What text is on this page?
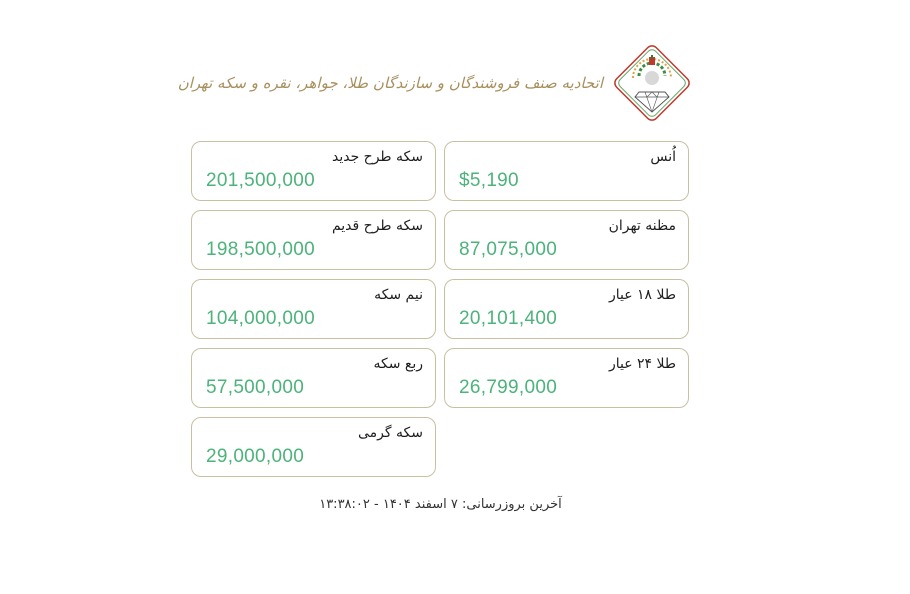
اتحادیه صنف فروشندگان و سازندگان طلا، جواهر، نقره و سکه تهران
اُنس
$5,190
سکه طرح جدید
201,500,000
مظنه تهران
87,075,000
سکه طرح قدیم
198,500,000
طلا ۱۸ عیار
20,101,400
نیم سکه
104,000,000
طلا ۲۴ عیار
26,799,000
ربع سکه
57,500,000
سکه گرمی
29,000,000
آخرین بروزرسانی: ۷ اسفند ۱۴۰۴ - ۱۳:۳۸:۰۲
